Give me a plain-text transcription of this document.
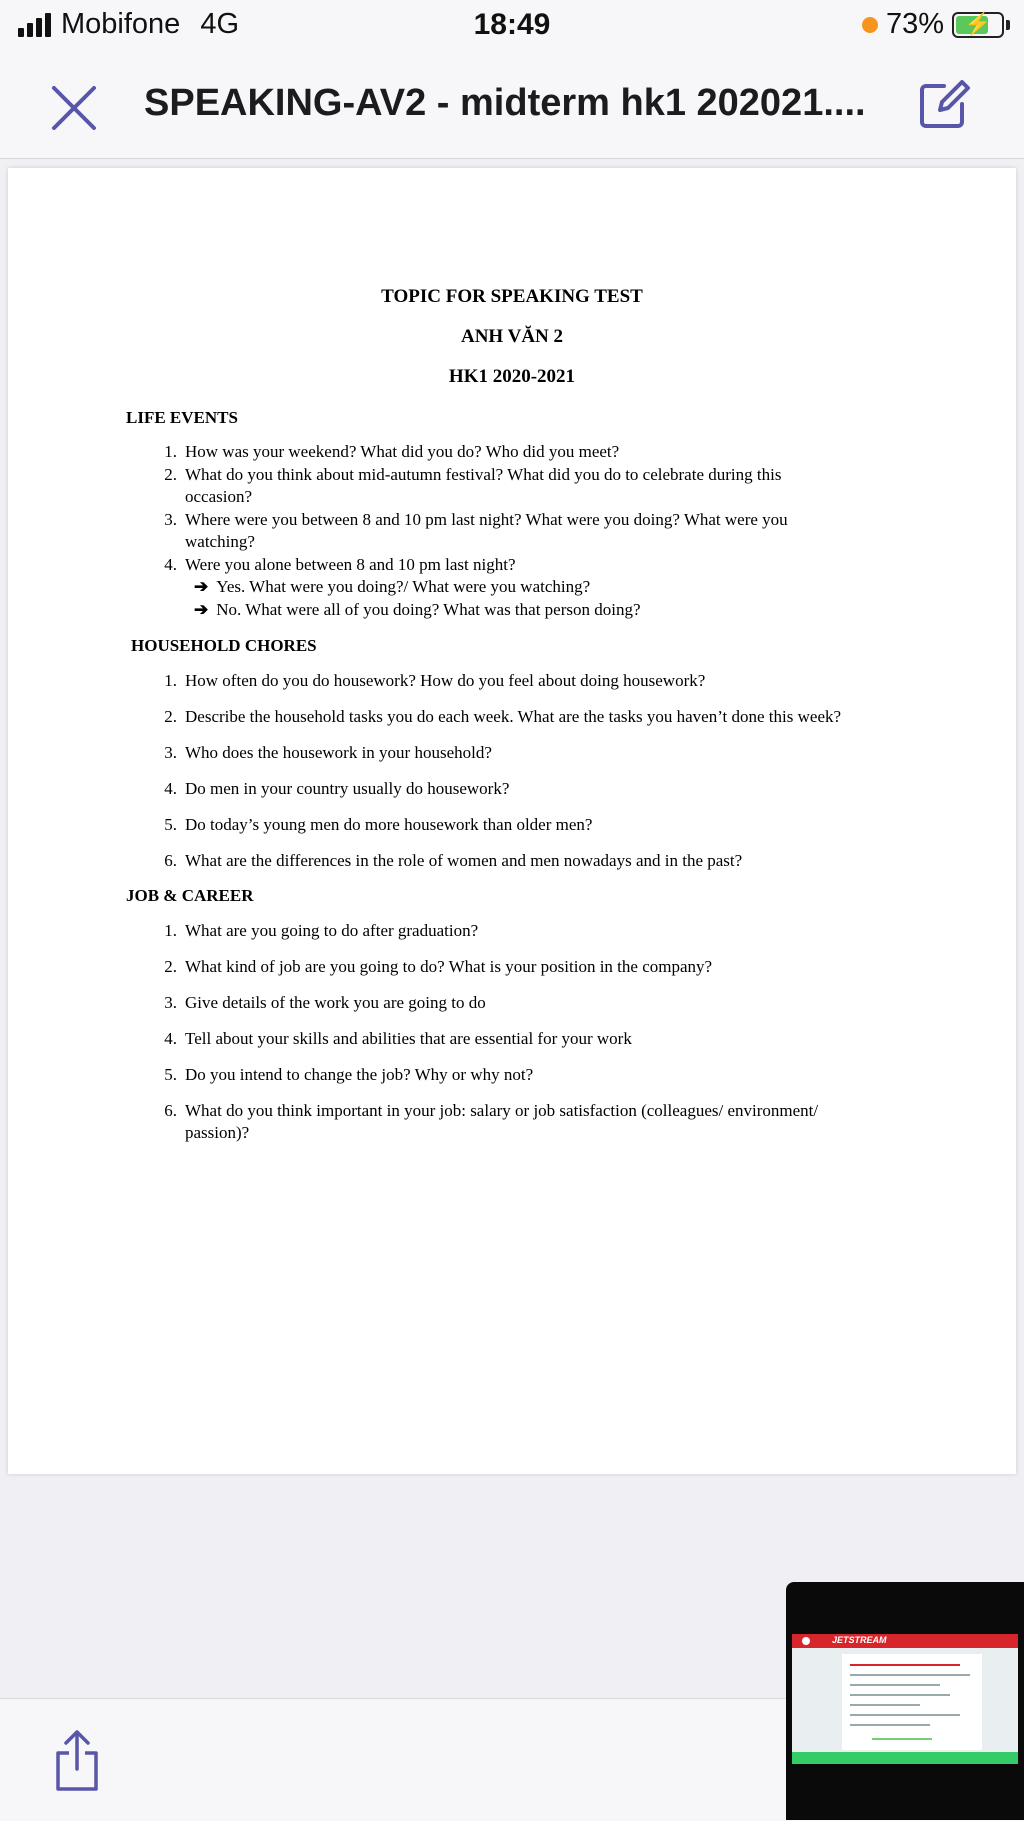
Mobifone 4G	18:49	73% ⚡
SPEAKING-AV2 - midterm hk1 202021....
TOPIC FOR SPEAKING TEST
ANH VĂN 2
HK1 2020-2021
LIFE EVENTS
1. How was your weekend? What did you do? Who did you meet?
2. What do you think about mid-autumn festival? What did you do to celebrate during this
occasion?
3. Where were you between 8 and 10 pm last night? What were you doing? What were you
watching?
4. Were you alone between 8 and 10 pm last night?
➔ Yes. What were you doing?/ What were you watching?
➔ No. What were all of you doing? What was that person doing?
HOUSEHOLD CHORES
1. How often do you do housework? How do you feel about doing housework?
2. Describe the household tasks you do each week. What are the tasks you haven’t done this week?
3. Who does the housework in your household?
4. Do men in your country usually do housework?
5. Do today’s young men do more housework than older men?
6. What are the differences in the role of women and men nowadays and in the past?
JOB & CAREER
1. What are you going to do after graduation?
2. What kind of job are you going to do? What is your position in the company?
3. Give details of the work you are going to do
4. Tell about your skills and abilities that are essential for your work
5. Do you intend to change the job? Why or why not?
6. What do you think important in your job: salary or job satisfaction (colleagues/ environment/
passion)?
JETSTREAM
